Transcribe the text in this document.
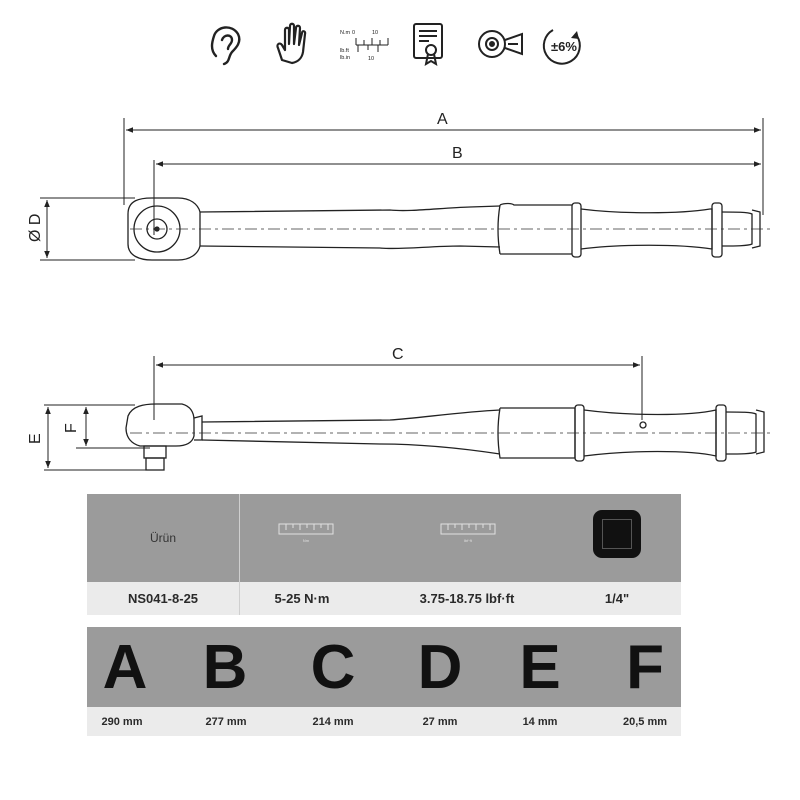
N.m 0	10
lb.ft
lb.in	10
±6%
A
B
C
Ø D
E
F
Ürün	Nm	lbf·ft
NS041-8-25	5-25 N·m	3.75-18.75 lbf·ft	1/4"
A B C D E	F
290 mm	277 mm	214 mm	27 mm	14 mm	20,5 mm
